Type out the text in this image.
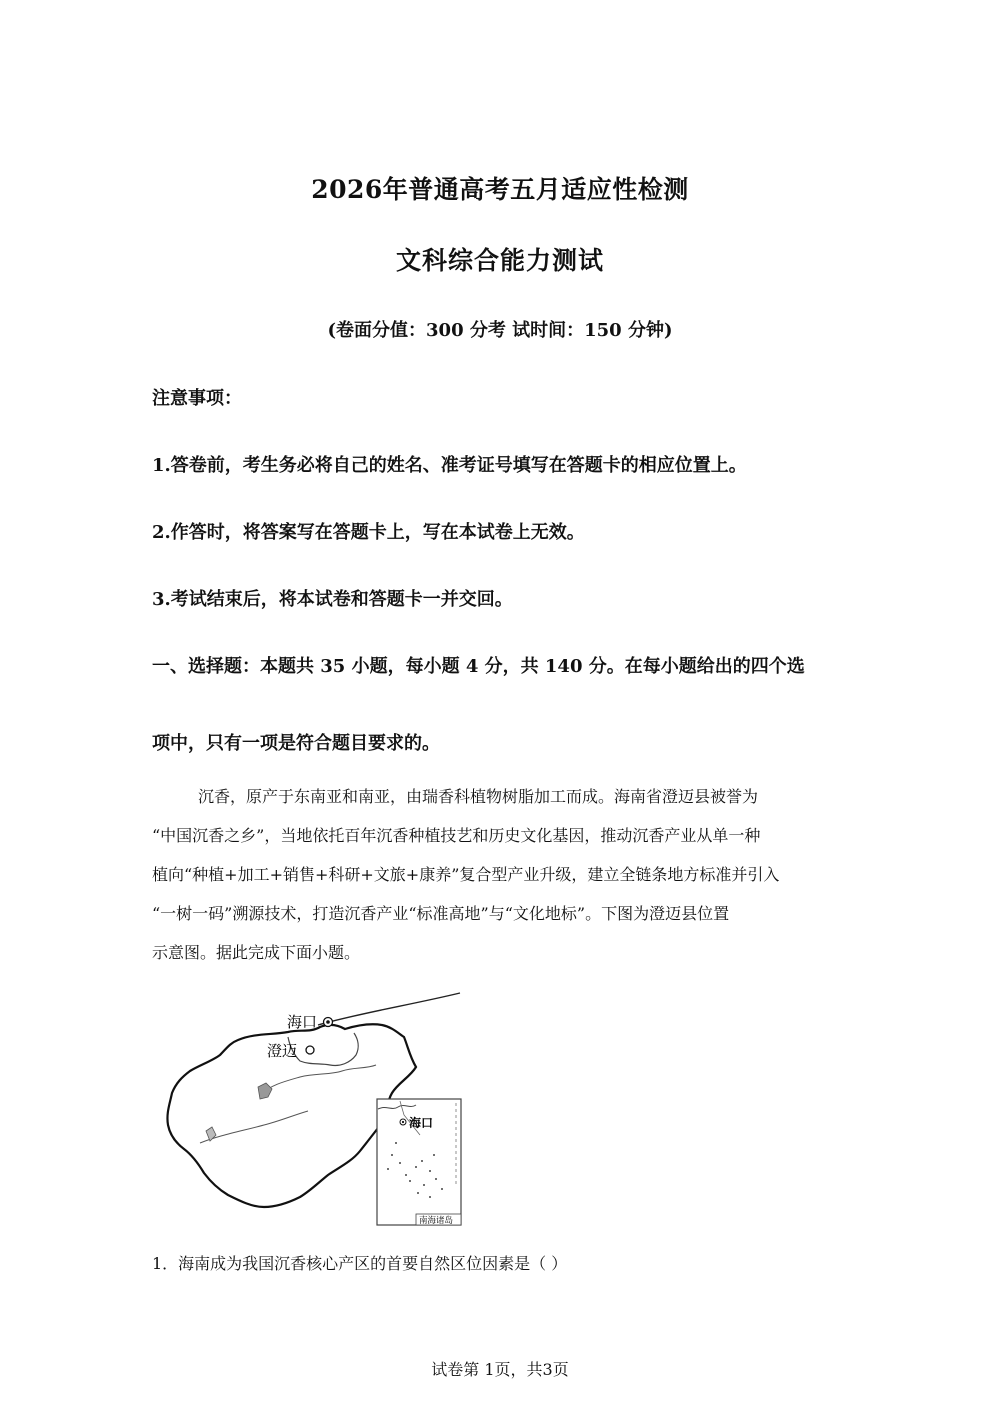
2026年普通高考五月适应性检测
文科综合能力测试
(卷面分值：300 分考 试时间：150 分钟)
注意事项：
1.答卷前，考生务必将自己的姓名、准考证号填写在答题卡的相应位置上。
2.作答时，将答案写在答题卡上，写在本试卷上无效。
3.考试结束后，将本试卷和答题卡一并交回。
一、选择题：本题共 35 小题，每小题 4 分，共 140 分。在每小题给出的四个选
项中，只有一项是符合题目要求的。
沉香，原产于东南亚和南亚，由瑞香科植物树脂加工而成。海南省澄迈县被誉为
“中国沉香之乡”，当地依托百年沉香种植技艺和历史文化基因，推动沉香产业从单一种
植向“种植+加工+销售+科研+文旅+康养”复合型产业升级，建立全链条地方标准并引入
“一树一码”溯源技术，打造沉香产业“标准高地”与“文化地标”。下图为澄迈县位置
示意图。据此完成下面小题。
海口
澄迈
海口
南海诸岛
1．海南成为我国沉香核心产区的首要自然区位因素是（ ）
试卷第 1页，共3页
